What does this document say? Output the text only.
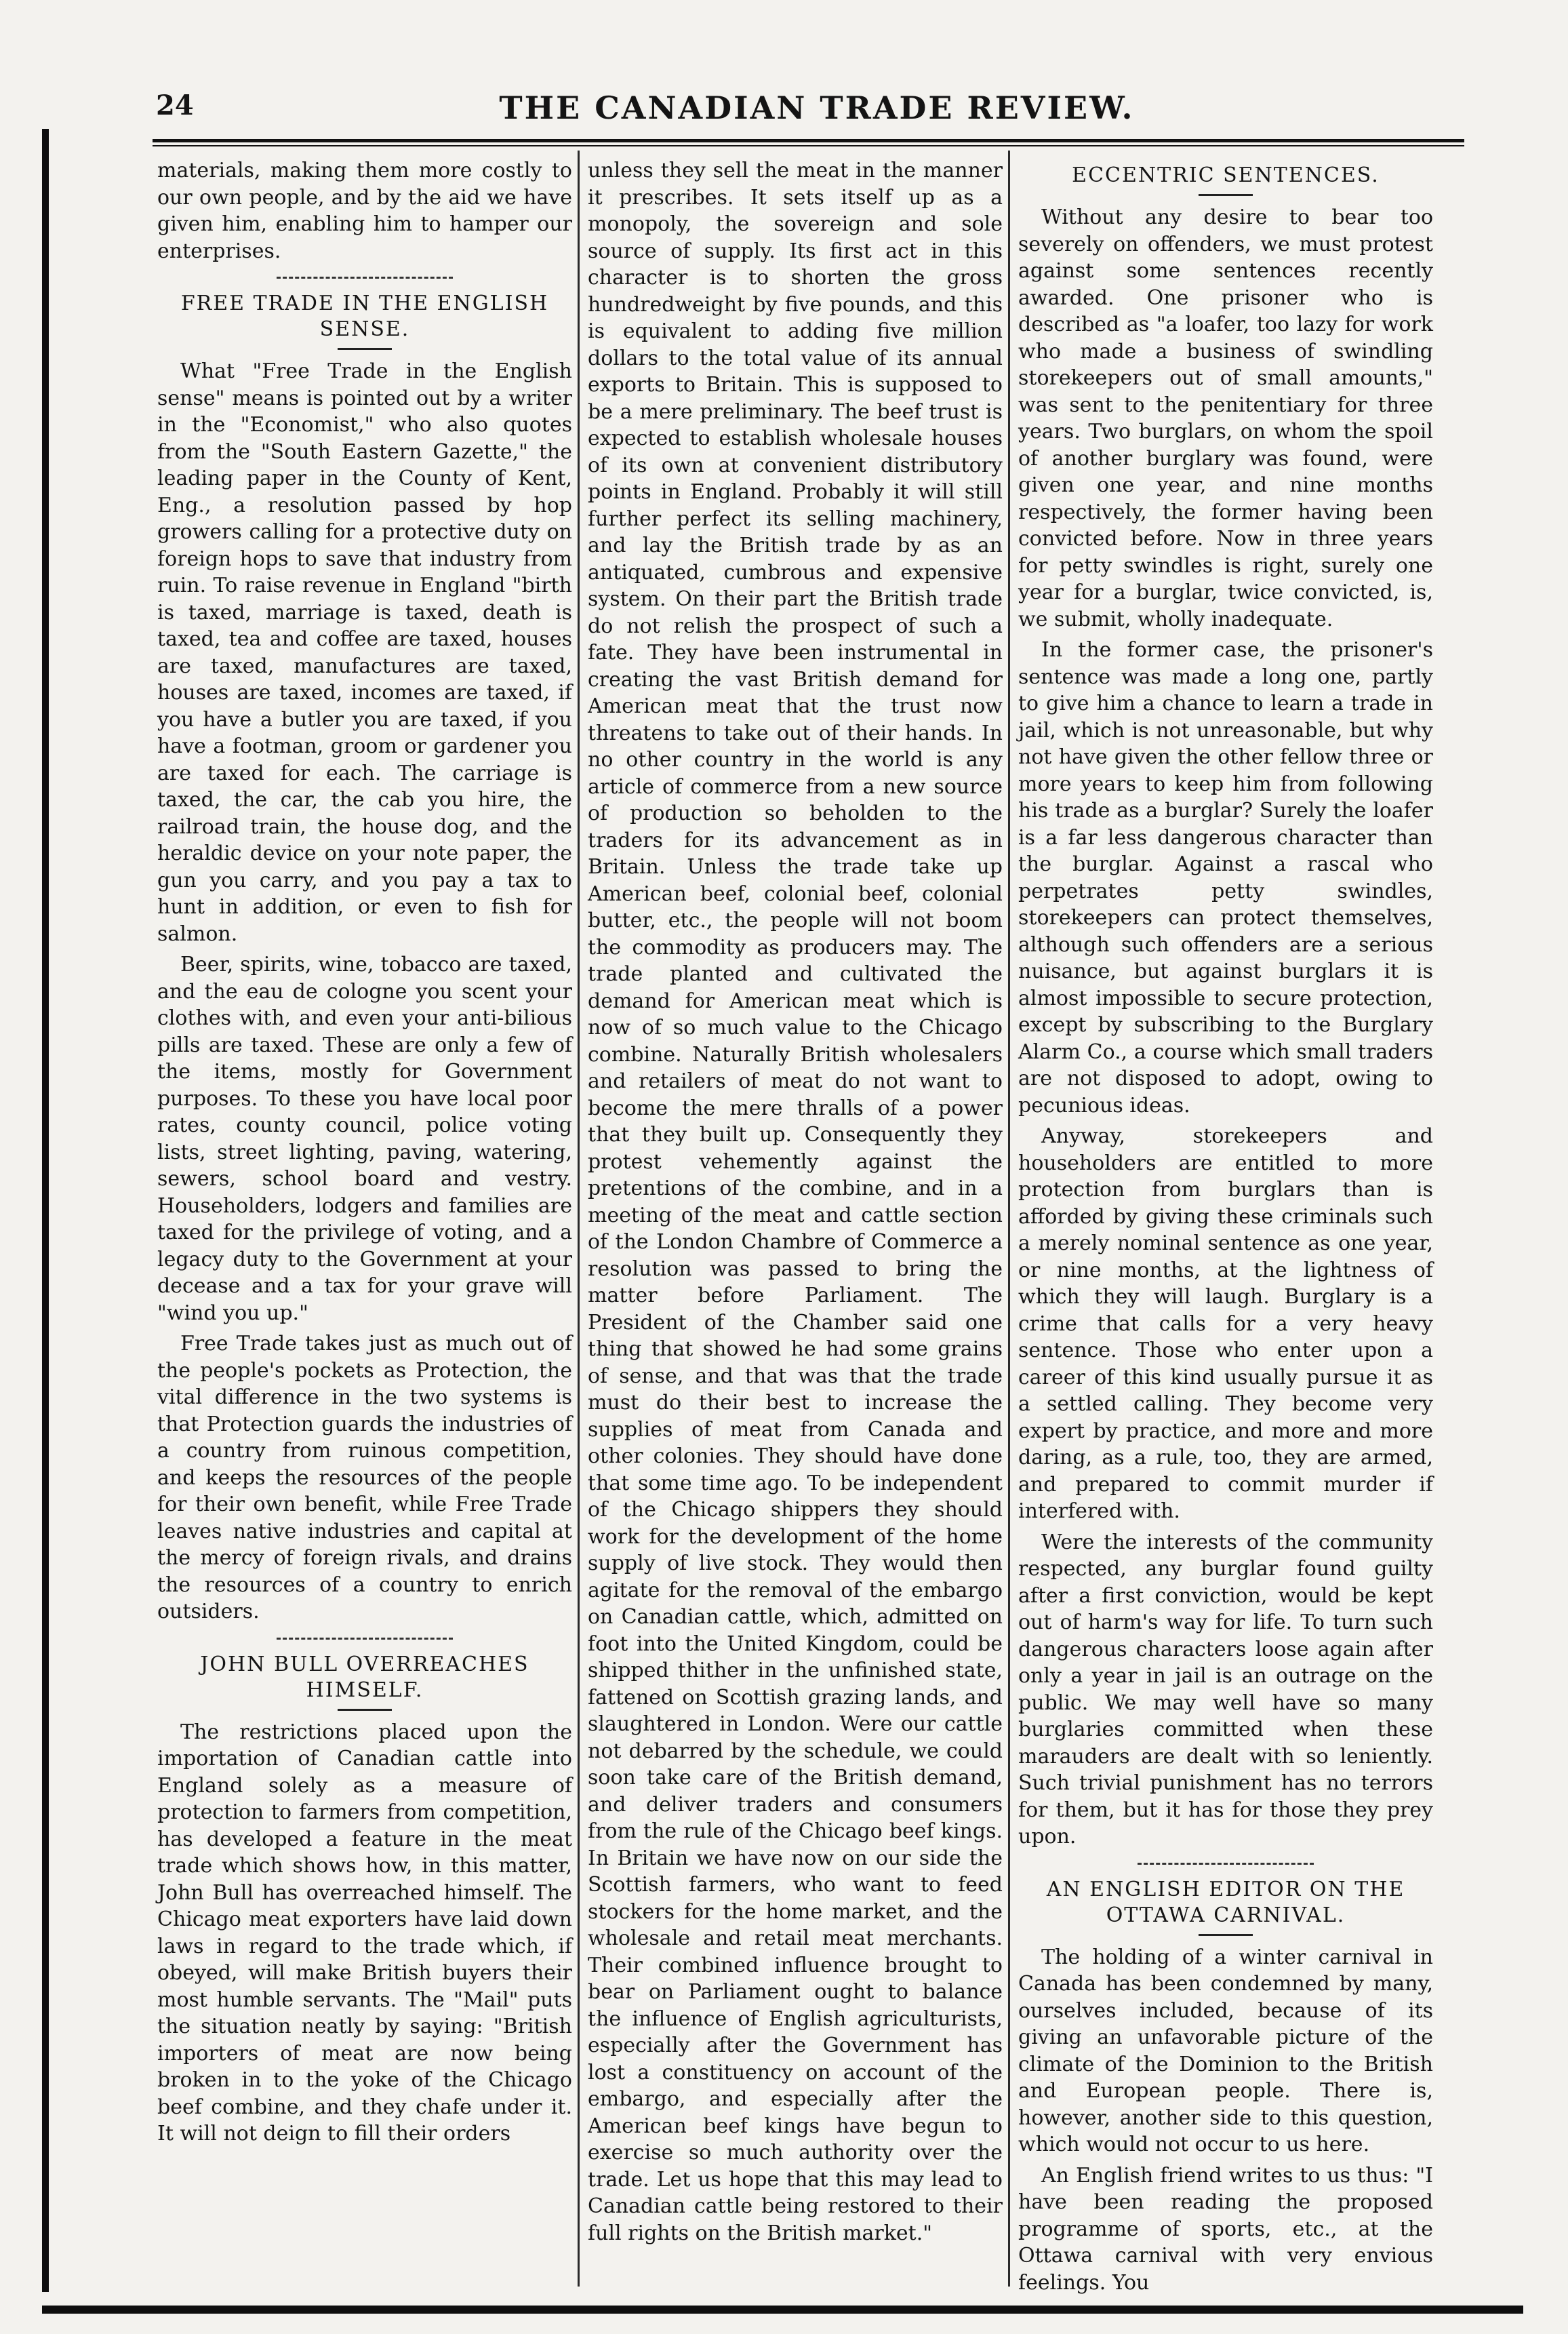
24	THE CANADIAN TRADE REVIEW.

materials, making them more costly to our own people, and by the aid we have given him, enabling him to hamper our enterprises.

FREE TRADE IN THE ENGLISH SENSE.

What "Free Trade in the English sense" means is pointed out by a writer in the "Economist," who also quotes from the "South Eastern Gazette," the leading paper in the County of Kent, Eng., a resolution passed by hop growers calling for a protective duty on foreign hops to save that industry from ruin. To raise revenue in England "birth is taxed, marriage is taxed, death is taxed, tea and coffee are taxed, houses are taxed, manufactures are taxed, houses are taxed, incomes are taxed, if you have a butler you are taxed, if you have a footman, groom or gardener you are taxed for each. The carriage is taxed, the car, the cab you hire, the railroad train, the house dog, and the heraldic device on your note paper, the gun you carry, and you pay a tax to hunt in addition, or even to fish for salmon.

Beer, spirits, wine, tobacco are taxed, and the eau de cologne you scent your clothes with, and even your anti-bilious pills are taxed. These are only a few of the items, mostly for Government purposes. To these you have local poor rates, county council, police voting lists, street lighting, paving, watering, sewers, school board and vestry. Householders, lodgers and families are taxed for the privilege of voting, and a legacy duty to the Government at your decease and a tax for your grave will "wind you up."

Free Trade takes just as much out of the people's pockets as Protection, the vital difference in the two systems is that Protection guards the industries of a country from ruinous competition, and keeps the resources of the people for their own benefit, while Free Trade leaves native industries and capital at the mercy of foreign rivals, and drains the resources of a country to enrich outsiders.

JOHN BULL OVERREACHES HIMSELF.

The restrictions placed upon the importation of Canadian cattle into England solely as a measure of protection to farmers from competition, has developed a feature in the meat trade which shows how, in this matter, John Bull has overreached himself. The Chicago meat exporters have laid down laws in regard to the trade which, if obeyed, will make British buyers their most humble servants. The "Mail" puts the situation neatly by saying: "British importers of meat are now being broken in to the yoke of the Chicago beef combine, and they chafe under it. It will not deign to fill their orders

unless they sell the meat in the manner it prescribes. It sets itself up as a monopoly, the sovereign and sole source of supply. Its first act in this character is to shorten the gross hundredweight by five pounds, and this is equivalent to adding five million dollars to the total value of its annual exports to Britain. This is supposed to be a mere preliminary. The beef trust is expected to establish wholesale houses of its own at convenient distributory points in England. Probably it will still further perfect its selling machinery, and lay the British trade by as an antiquated, cumbrous and expensive system. On their part the British trade do not relish the prospect of such a fate. They have been instrumental in creating the vast British demand for American meat that the trust now threatens to take out of their hands. In no other country in the world is any article of commerce from a new source of production so beholden to the traders for its advancement as in Britain. Unless the trade take up American beef, colonial beef, colonial butter, etc., the people will not boom the commodity as producers may. The trade planted and cultivated the demand for American meat which is now of so much value to the Chicago combine. Naturally British wholesalers and retailers of meat do not want to become the mere thralls of a power that they built up. Consequently they protest vehemently against the pretentions of the combine, and in a meeting of the meat and cattle section of the London Chambre of Commerce a resolution was passed to bring the matter before Parliament. The President of the Chamber said one thing that showed he had some grains of sense, and that was that the trade must do their best to increase the supplies of meat from Canada and other colonies. They should have done that some time ago. To be independent of the Chicago shippers they should work for the development of the home supply of live stock. They would then agitate for the removal of the embargo on Canadian cattle, which, admitted on foot into the United Kingdom, could be shipped thither in the unfinished state, fattened on Scottish grazing lands, and slaughtered in London. Were our cattle not debarred by the schedule, we could soon take care of the British demand, and deliver traders and consumers from the rule of the Chicago beef kings. In Britain we have now on our side the Scottish farmers, who want to feed stockers for the home market, and the wholesale and retail meat merchants. Their combined influence brought to bear on Parliament ought to balance the influence of English agriculturists, especially after the Government has lost a constituency on account of the embargo, and especially after the American beef kings have begun to exercise so much authority over the trade. Let us hope that this may lead to Canadian cattle being restored to their full rights on the British market."

ECCENTRIC SENTENCES.

Without any desire to bear too severely on offenders, we must protest against some sentences recently awarded. One prisoner who is described as "a loafer, too lazy for work who made a business of swindling storekeepers out of small amounts," was sent to the penitentiary for three years. Two burglars, on whom the spoil of another burglary was found, were given one year, and nine months respectively, the former having been convicted before. Now in three years for petty swindles is right, surely one year for a burglar, twice convicted, is, we submit, wholly inadequate.

In the former case, the prisoner's sentence was made a long one, partly to give him a chance to learn a trade in jail, which is not unreasonable, but why not have given the other fellow three or more years to keep him from following his trade as a burglar? Surely the loafer is a far less dangerous character than the burglar. Against a rascal who perpetrates petty swindles, storekeepers can protect themselves, although such offenders are a serious nuisance, but against burglars it is almost impossible to secure protection, except by subscribing to the Burglary Alarm Co., a course which small traders are not disposed to adopt, owing to pecunious ideas.

Anyway, storekeepers and householders are entitled to more protection from burglars than is afforded by giving these criminals such a merely nominal sentence as one year, or nine months, at the lightness of which they will laugh. Burglary is a crime that calls for a very heavy sentence. Those who enter upon a career of this kind usually pursue it as a settled calling. They become very expert by practice, and more and more daring, as a rule, too, they are armed, and prepared to commit murder if interfered with.

Were the interests of the community respected, any burglar found guilty after a first conviction, would be kept out of harm's way for life. To turn such dangerous characters loose again after only a year in jail is an outrage on the public. We may well have so many burglaries committed when these marauders are dealt with so leniently. Such trivial punishment has no terrors for them, but it has for those they prey upon.

AN ENGLISH EDITOR ON THE OTTAWA CARNIVAL.

The holding of a winter carnival in Canada has been condemned by many, ourselves included, because of its giving an unfavorable picture of the climate of the Dominion to the British and European people. There is, however, another side to this question, which would not occur to us here.

An English friend writes to us thus: "I have been reading the proposed programme of sports, etc., at the Ottawa carnival with very envious feelings. You
